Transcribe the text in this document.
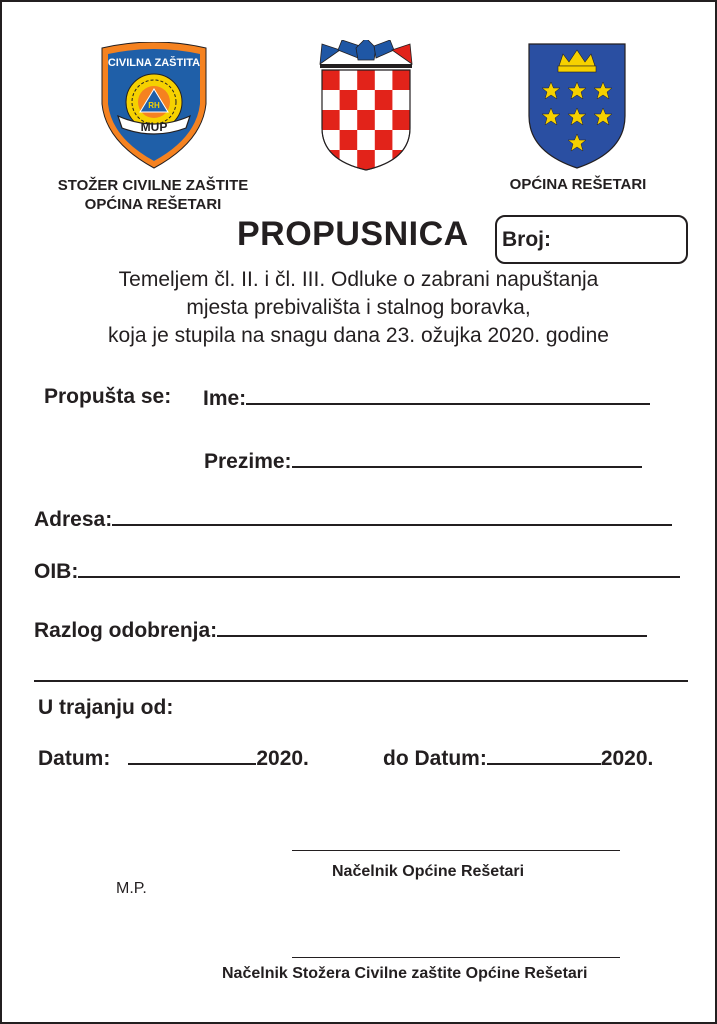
CIVILNA ZAŠTITA
RH
MUP
STOŽER CIVILNE ZAŠTITE
OPĆINA REŠETARI
OPĆINA REŠETARI
PROPUSNICA Broj:
Temeljem čl. II. i čl. III. Odluke o zabrani napuštanja
mjesta prebivališta i stalnog boravka,
koja je stupila na snagu dana 23. ožujka 2020. godine
Propušta se: Ime:
Prezime:
Adresa:
OIB:
Razlog odobrenja:
U trajanju od:
Datum:	2020.	do Datum:	2020.
Načelnik Općine Rešetari
M.P.
Načelnik Stožera Civilne zaštite Općine Rešetari
